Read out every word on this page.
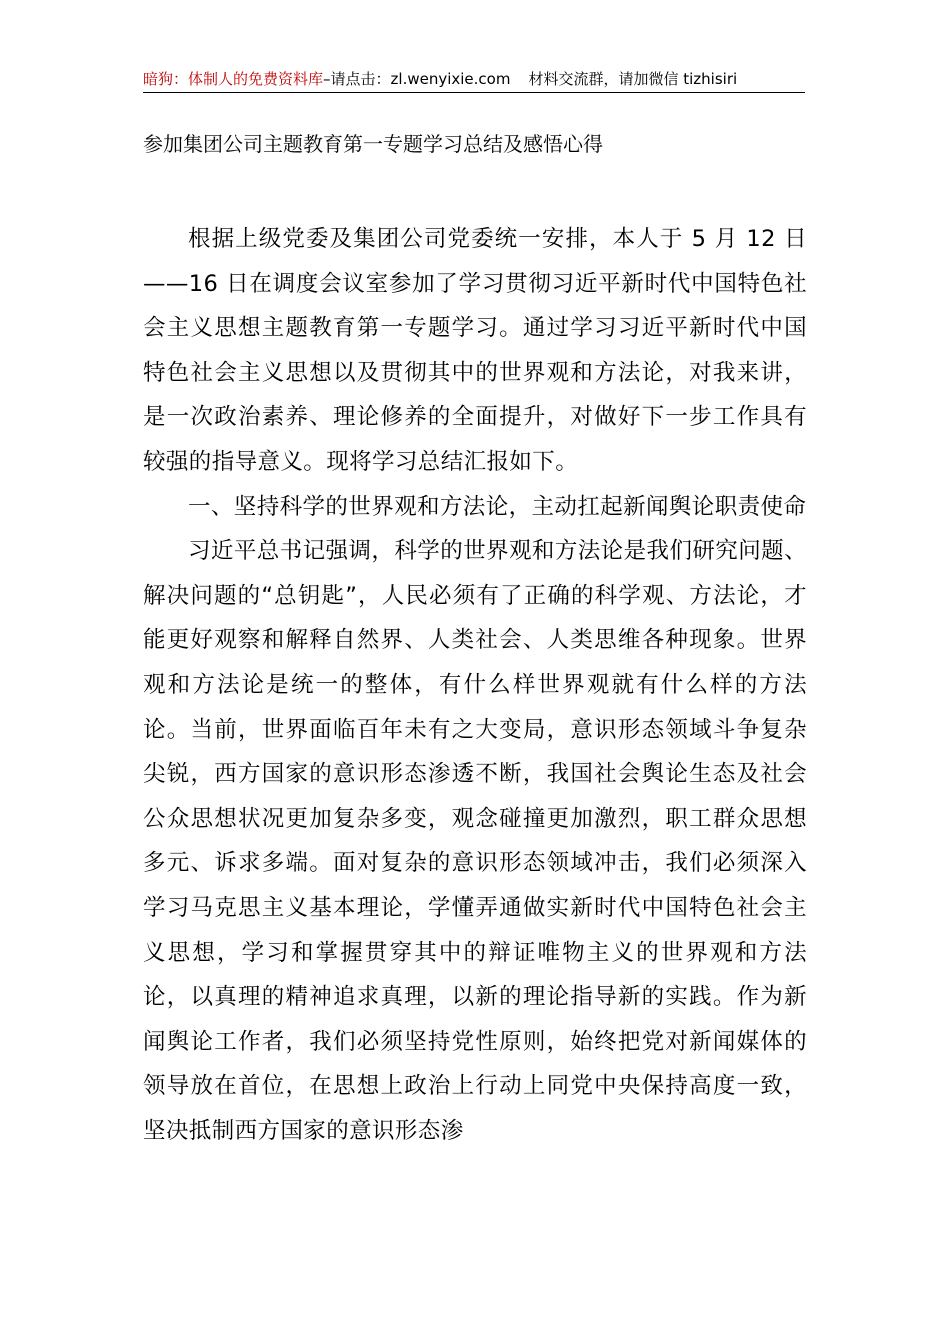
暗狗：体制人的免费资料库–请点击：zl.wenyixie.com 材料交流群，请加微信 tizhisiri
参加集团公司主题教育第一专题学习总结及感悟心得

根据上级党委及集团公司党委统一安排，本人于 5 月 12 日——16 日在调度会议室参加了学习贯彻习近平新时代中国特色社会主义思想主题教育第一专题学习。通过学习习近平新时代中国特色社会主义思想以及贯彻其中的世界观和方法论，对我来讲，是一次政治素养、理论修养的全面提升，对做好下一步工作具有较强的指导意义。现将学习总结汇报如下。

一、坚持科学的世界观和方法论，主动扛起新闻舆论职责使命

习近平总书记强调，科学的世界观和方法论是我们研究问题、解决问题的“总钥匙”，人民必须有了正确的科学观、方法论，才能更好观察和解释自然界、人类社会、人类思维各种现象。世界观和方法论是统一的整体，有什么样世界观就有什么样的方法论。当前，世界面临百年未有之大变局，意识形态领域斗争复杂尖锐，西方国家的意识形态渗透不断，我国社会舆论生态及社会公众思想状况更加复杂多变，观念碰撞更加激烈，职工群众思想多元、诉求多端。面对复杂的意识形态领域冲击，我们必须深入学习马克思主义基本理论，学懂弄通做实新时代中国特色社会主义思想，学习和掌握贯穿其中的辩证唯物主义的世界观和方法论，以真理的精神追求真理，以新的理论指导新的实践。作为新闻舆论工作者，我们必须坚持党性原则，始终把党对新闻媒体的领导放在首位，在思想上政治上行动上同党中央保持高度一致，坚决抵制西方国家的意识形态渗
